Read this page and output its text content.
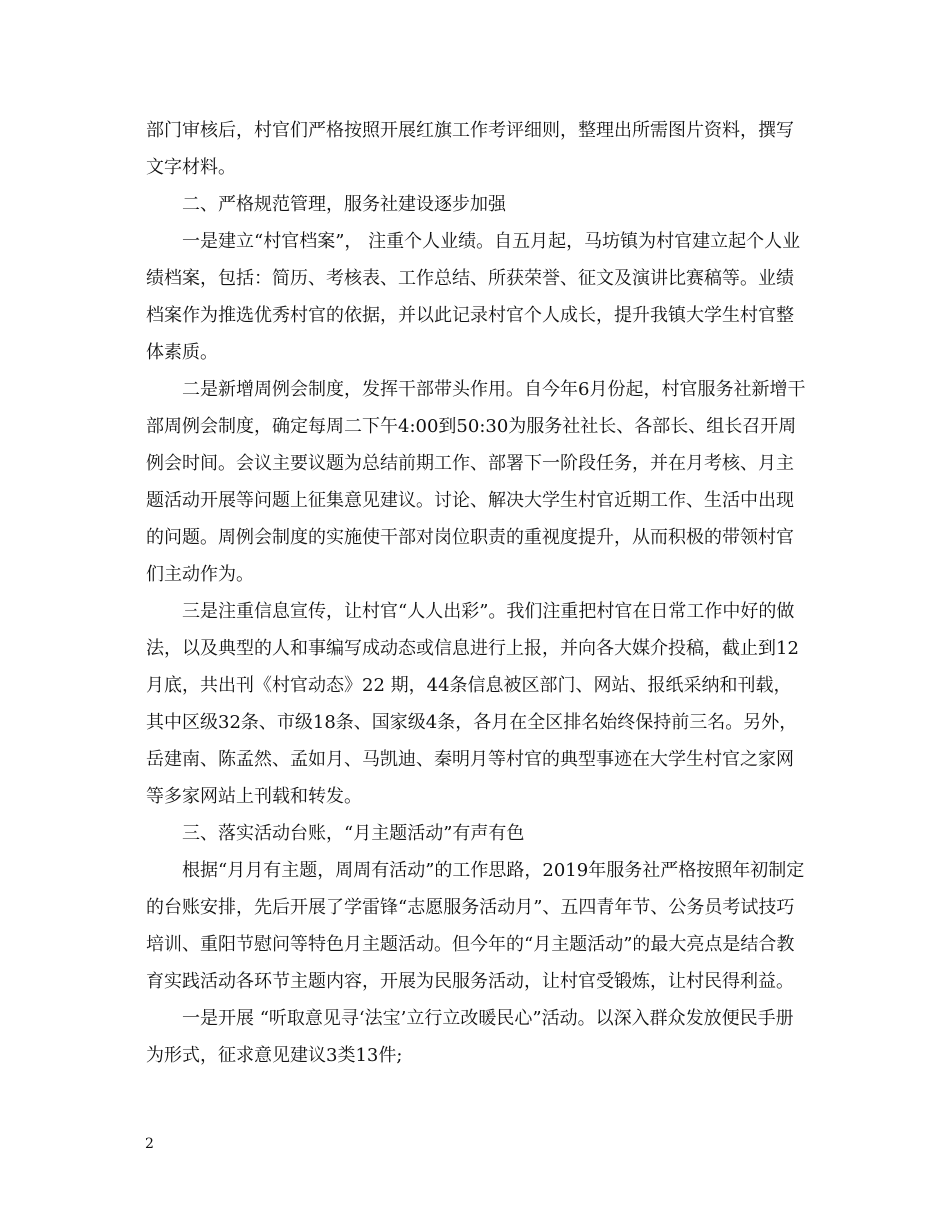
部门审核后，村官们严格按照开展红旗工作考评细则，整理出所需图片资料，撰写文字材料。

二、严格规范管理，服务社建设逐步加强

一是建立“村官档案”， 注重个人业绩。自五月起，马坊镇为村官建立起个人业绩档案，包括：简历、考核表、工作总结、所获荣誉、征文及演讲比赛稿等。业绩档案作为推选优秀村官的依据，并以此记录村官个人成长，提升我镇大学生村官整体素质。

二是新增周例会制度，发挥干部带头作用。自今年6月份起，村官服务社新增干部周例会制度，确定每周二下午4:00到50:30为服务社社长、各部长、组长召开周例会时间。会议主要议题为总结前期工作、部署下一阶段任务，并在月考核、月主题活动开展等问题上征集意见建议。讨论、解决大学生村官近期工作、生活中出现的问题。周例会制度的实施使干部对岗位职责的重视度提升，从而积极的带领村官们主动作为。

三是注重信息宣传，让村官“人人出彩”。我们注重把村官在日常工作中好的做法，以及典型的人和事编写成动态或信息进行上报，并向各大媒介投稿，截止到12月底，共出刊《村官动态》22 期，44条信息被区部门、网站、报纸采纳和刊载，其中区级32条、市级18条、国家级4条，各月在全区排名始终保持前三名。另外，岳建南、陈孟然、孟如月、马凯迪、秦明月等村官的典型事迹在大学生村官之家网等多家网站上刊载和转发。

三、落实活动台账，“月主题活动”有声有色

根据“月月有主题，周周有活动”的工作思路，2019年服务社严格按照年初制定的台账安排，先后开展了学雷锋“志愿服务活动月”、五四青年节、公务员考试技巧培训、重阳节慰问等特色月主题活动。但今年的“月主题活动”的最大亮点是结合教育实践活动各环节主题内容，开展为民服务活动，让村官受锻炼，让村民得利益。

一是开展 “听取意见寻‘法宝’立行立改暖民心”活动。以深入群众发放便民手册为形式，征求意见建议3类13件;

2
